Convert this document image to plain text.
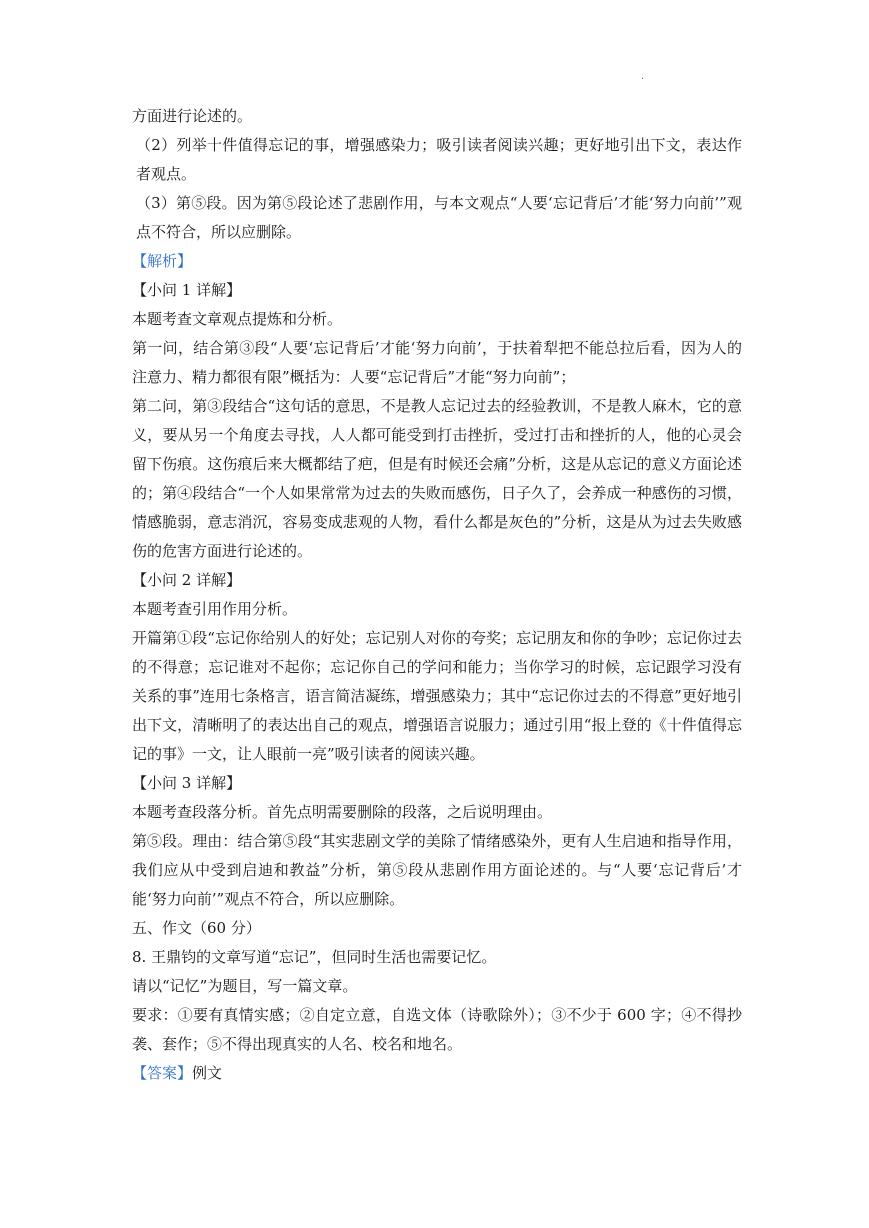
·

方面进行论述的。

（2）列举十件值得忘记的事，增强感染力；吸引读者阅读兴趣；更好地引出下文，表达作者观点。

（3）第⑤段。因为第⑤段论述了悲剧作用，与本文观点“人要‘忘记背后’才能‘努力向前’”观点不符合，所以应删除。

【解析】

【小问 1 详解】

本题考查文章观点提炼和分析。

第一问，结合第③段“人要‘忘记背后’才能‘努力向前’，于扶着犁把不能总拉后看，因为人的注意力、精力都很有限”概括为：人要“忘记背后”才能“努力向前”；

第二问，第③段结合“这句话的意思，不是教人忘记过去的经验教训，不是教人麻木，它的意义，要从另一个角度去寻找，人人都可能受到打击挫折，受过打击和挫折的人，他的心灵会留下伤痕。这伤痕后来大概都结了疤，但是有时候还会痛”分析，这是从忘记的意义方面论述的；第④段结合“一个人如果常常为过去的失败而感伤，日子久了，会养成一种感伤的习惯，情感脆弱，意志消沉，容易变成悲观的人物，看什么都是灰色的”分析，这是从为过去失败感伤的危害方面进行论述的。

【小问 2 详解】

本题考查引用作用分析。

开篇第①段“忘记你给别人的好处；忘记别人对你的夸奖；忘记朋友和你的争吵；忘记你过去的不得意；忘记谁对不起你；忘记你自己的学问和能力；当你学习的时候，忘记跟学习没有关系的事”连用七条格言，语言简洁凝练，增强感染力；其中“忘记你过去的不得意”更好地引出下文，清晰明了的表达出自己的观点，增强语言说服力；通过引用“报上登的《十件值得忘记的事》一文，让人眼前一亮”吸引读者的阅读兴趣。

【小问 3 详解】

本题考查段落分析。首先点明需要删除的段落，之后说明理由。

第⑤段。理由：结合第⑤段“其实悲剧文学的美除了情绪感染外，更有人生启迪和指导作用，我们应从中受到启迪和教益”分析，第⑤段从悲剧作用方面论述的。与“人要‘忘记背后’才能‘努力向前’”观点不符合，所以应删除。

五、作文（60 分）

8. 王鼎钧的文章写道“忘记”，但同时生活也需要记忆。

请以“记忆”为题目，写一篇文章。

要求：①要有真情实感；②自定立意，自选文体（诗歌除外）；③不少于 600 字；④不得抄袭、套作；⑤不得出现真实的人名、校名和地名。

【答案】例文
